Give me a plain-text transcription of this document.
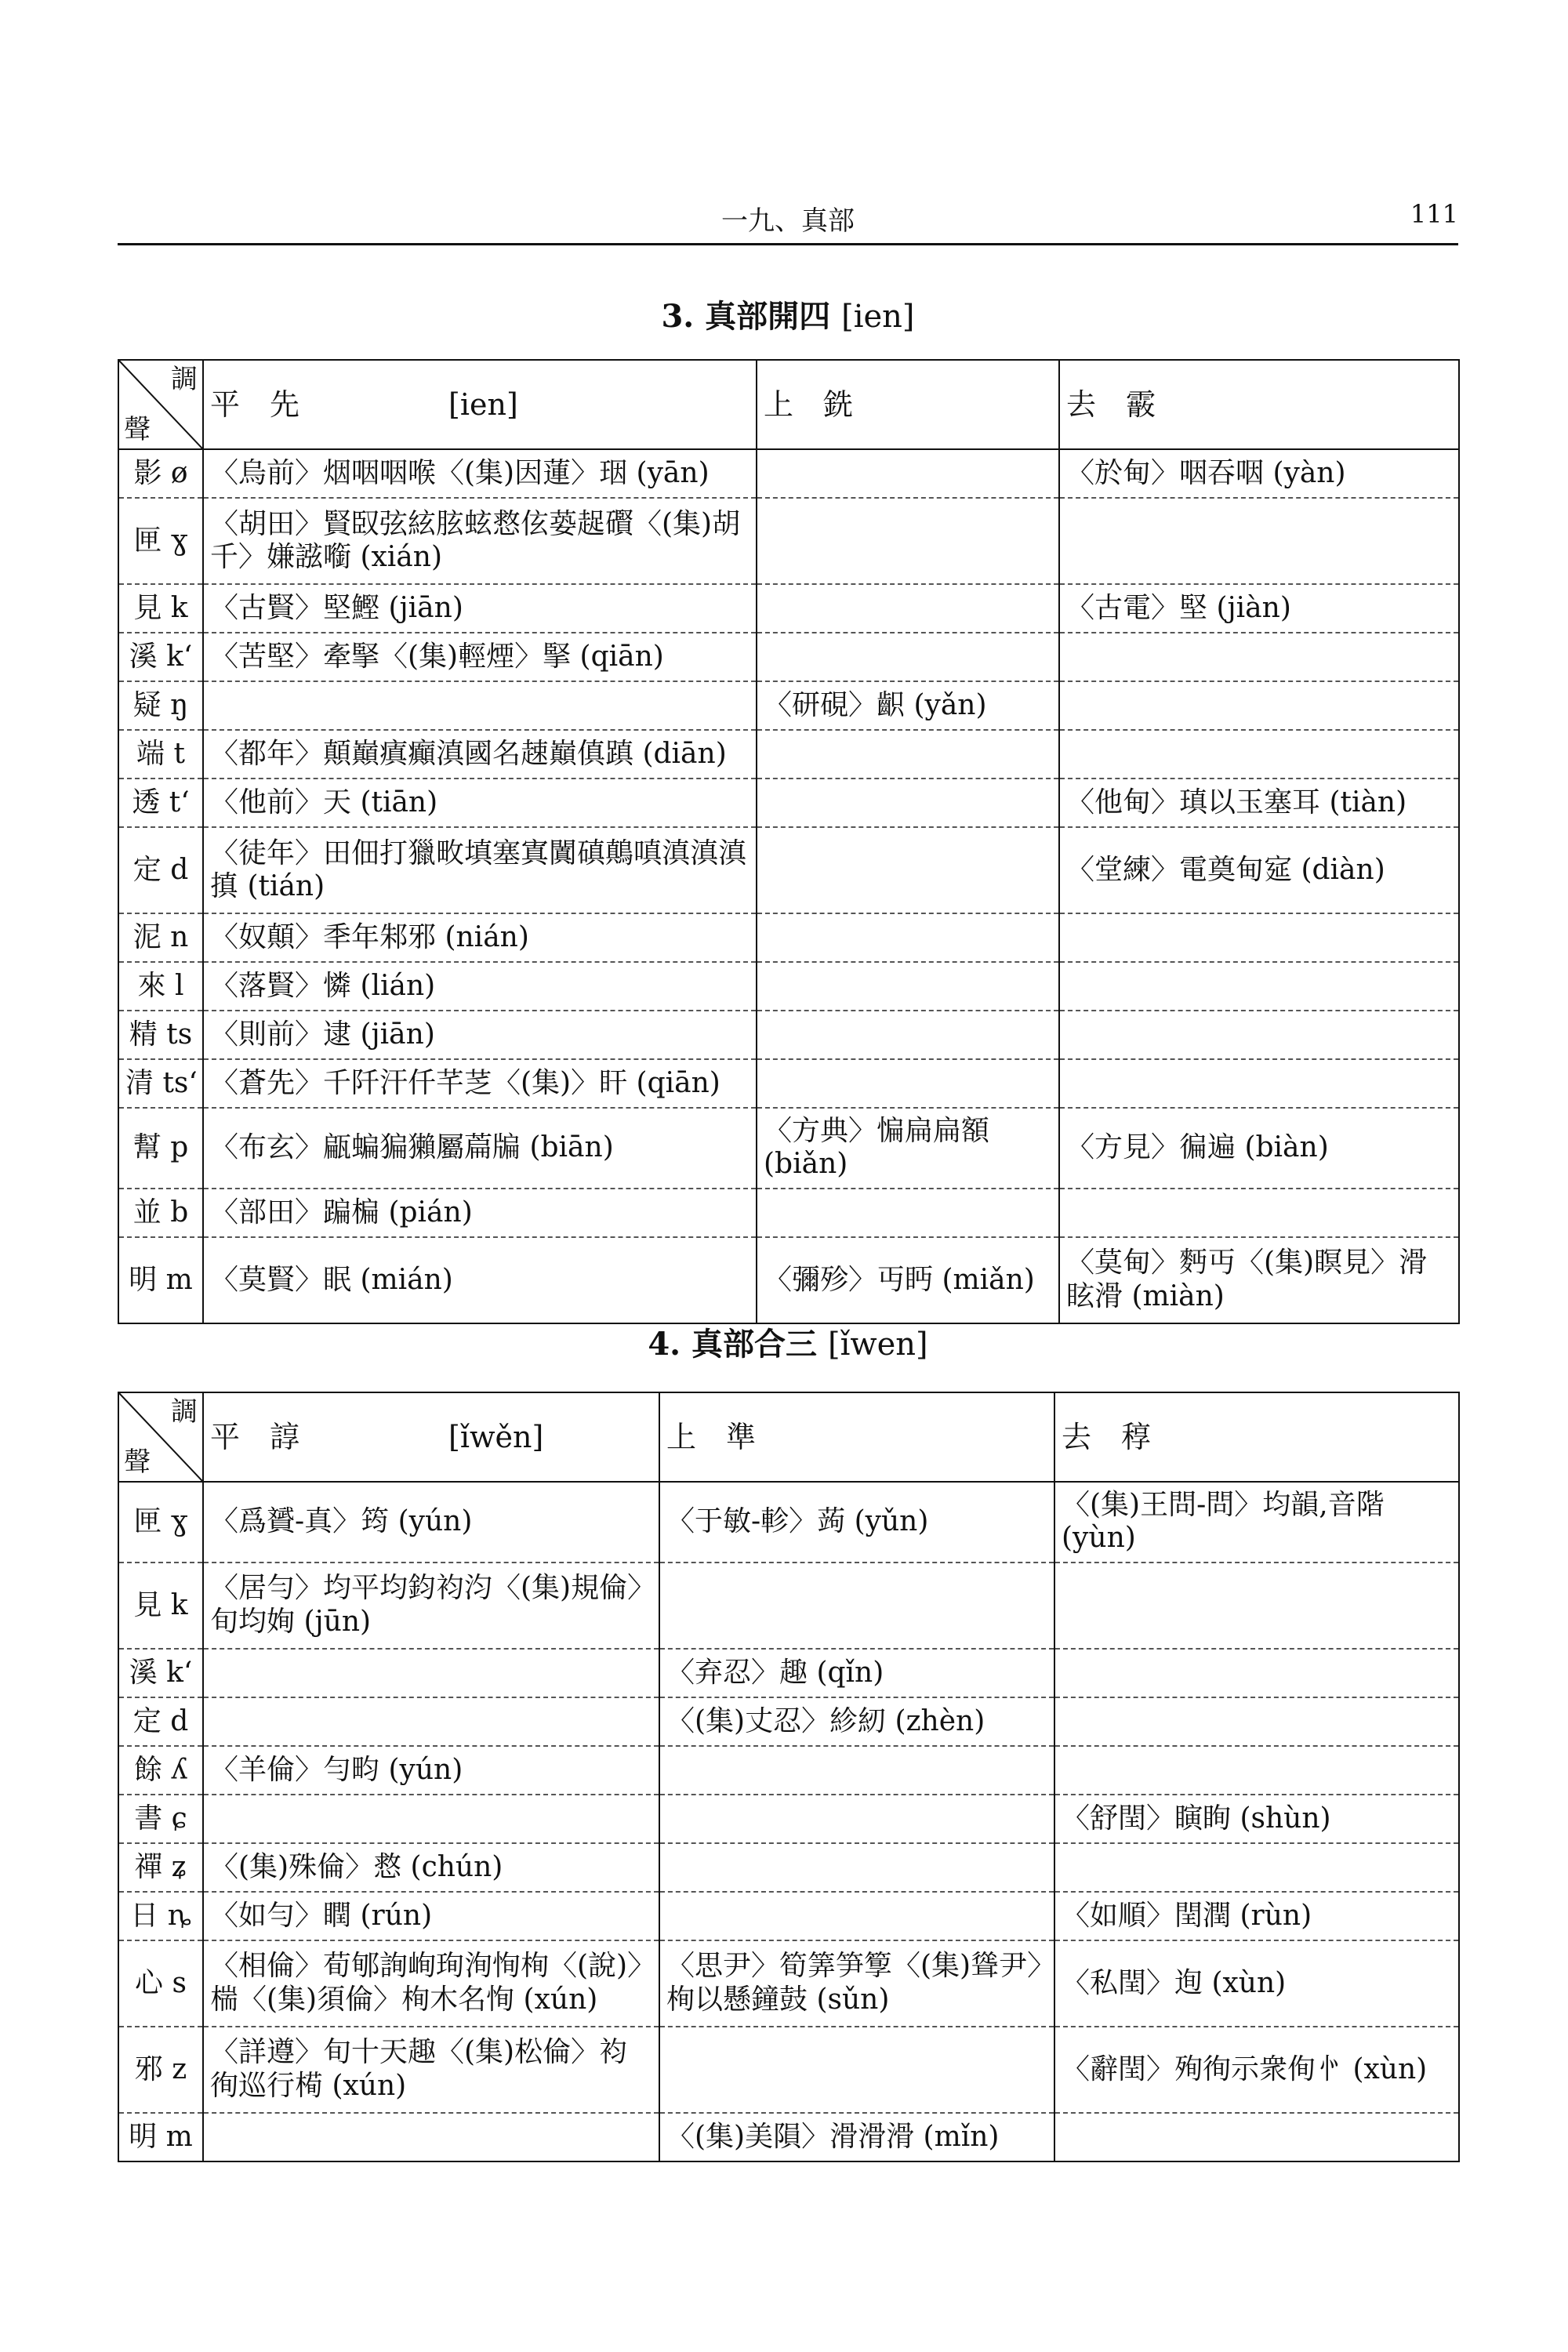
一九、真部	111
3. 真部開四 [ien]
調
聲	平　先　　　　　[ien]	上　銑	去　霰
影 ø	〈烏前〉烟咽咽喉〈(集)因蓮〉珚 (yān)		〈於甸〉咽吞咽 (yàn)
匣 ɣ	〈胡田〉賢臤弦絃胘蚿慦伭蒆趗礥〈(集)胡千〉嫌誸㘅 (xián)		
見 k	〈古賢〉堅鰹 (jiān)		〈古電〉堅 (jiàn)
溪 k‘	〈苦堅〉牽掔〈(集)輕煙〉掔 (qiān)		
疑 ŋ		〈研硯〉齞 (yǎn)	
端 t	〈都年〉顛巔瘨癲滇國名趚巔傎蹎 (diān)		
透 t‘	〈他前〉天 (tiān)		〈他甸〉瑱以玉塞耳 (tiàn)
定 d	〈徒年〉田佃打獵畋填塞寘闐磌鷏嗔滇滇滇搷 (tián)		〈堂練〉電奠甸㝚 (diàn)
泥 n	〈奴顛〉秊年邾邪 (nián)		
來 l	〈落賢〉憐 (lián)		
精 ts	〈則前〉逮 (jiān)		
清 ts‘	〈蒼先〉千阡汗仟芊䒦〈(集)〉盰 (qiān)		
幫 p	〈布玄〉甂蝙猵獺屬萹牑 (biān)	〈方典〉惼扁扁額 (biǎn)	〈方見〉徧遍 (biàn)
並 b	〈部田〉蹁楄 (pián)		
明 m	〈莫賢〉眠 (mián)	〈彌殄〉丏眄 (miǎn)	〈莫甸〉麪丏〈(集)瞑見〉滑眩滑 (miàn)
4. 真部合三 [ǐwen]
調
聲	平　諄　　　　　[ǐwěn]	上　準	去　稕
匣 ɣ	〈爲贇-真〉筠 (yún)	〈于敏-軫〉蒟 (yǔn)	〈(集)王問-問〉均韻,音階 (yùn)
見 k	〈居勻〉均平均鈞袀汮〈(集)規倫〉旬均姰 (jūn)		
溪 k‘		〈弃忍〉趣 (qǐn)	
定 d		〈(集)丈忍〉紾紉 (zhèn)	
餘 ʎ	〈羊倫〉勻畇 (yún)		
書 ɕ			〈舒閏〉瞚眴 (shùn)
禪 ʑ	〈(集)殊倫〉慦 (chún)		
日 ȵ	〈如勻〉瞤 (rún)		〈如順〉閏潤 (rùn)
心 s	〈相倫〉荀郇詢峋珣洵恂栒〈(說)〉椯〈(集)須倫〉栒木名恂 (xún)	〈思尹〉筍筭笋箰〈(集)聳尹〉栒以懸鐘鼓 (sǔn)	〈私閏〉迿 (xùn)
邪 z	〈詳遵〉旬十天趣〈(集)松倫〉袀徇巡行槆 (xún)		〈辭閏〉殉徇示衆侚㣺 (xùn)
明 m		〈(集)美隕〉滑滑滑 (mǐn)	
